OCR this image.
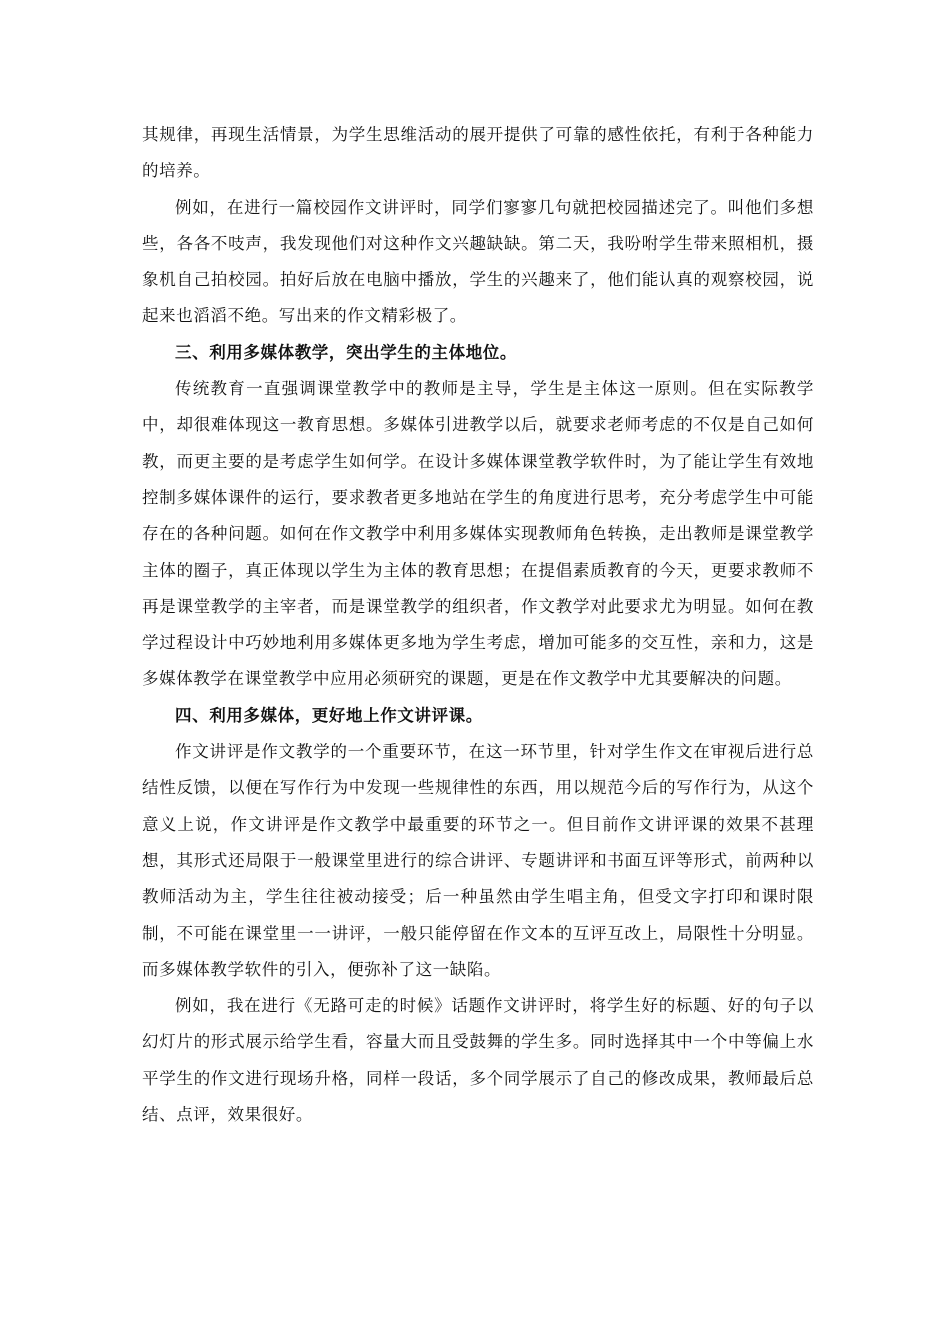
其规律，再现生活情景，为学生思维活动的展开提供了可靠的感性依托，有利于各种能力的培养。

例如，在进行一篇校园作文讲评时，同学们寥寥几句就把校园描述完了。叫他们多想些，各各不吱声，我发现他们对这种作文兴趣缺缺。第二天，我吩咐学生带来照相机，摄象机自己拍校园。拍好后放在电脑中播放，学生的兴趣来了，他们能认真的观察校园，说起来也滔滔不绝。写出来的作文精彩极了。

三、利用多媒体教学，突出学生的主体地位。

传统教育一直强调课堂教学中的教师是主导，学生是主体这一原则。但在实际教学中，却很难体现这一教育思想。多媒体引进教学以后，就要求老师考虑的不仅是自己如何教，而更主要的是考虑学生如何学。在设计多媒体课堂教学软件时，为了能让学生有效地控制多媒体课件的运行，要求教者更多地站在学生的角度进行思考，充分考虑学生中可能存在的各种问题。如何在作文教学中利用多媒体实现教师角色转换，走出教师是课堂教学主体的圈子，真正体现以学生为主体的教育思想；在提倡素质教育的今天，更要求教师不再是课堂教学的主宰者，而是课堂教学的组织者，作文教学对此要求尤为明显。如何在教学过程设计中巧妙地利用多媒体更多地为学生考虑，增加可能多的交互性，亲和力，这是多媒体教学在课堂教学中应用必须研究的课题，更是在作文教学中尤其要解决的问题。

四、利用多媒体，更好地上作文讲评课。

作文讲评是作文教学的一个重要环节，在这一环节里，针对学生作文在审视后进行总结性反馈，以便在写作行为中发现一些规律性的东西，用以规范今后的写作行为，从这个意义上说，作文讲评是作文教学中最重要的环节之一。但目前作文讲评课的效果不甚理想，其形式还局限于一般课堂里进行的综合讲评、专题讲评和书面互评等形式，前两种以教师活动为主，学生往往被动接受；后一种虽然由学生唱主角，但受文字打印和课时限制，不可能在课堂里一一讲评，一般只能停留在作文本的互评互改上，局限性十分明显。而多媒体教学软件的引入，便弥补了这一缺陷。

例如，我在进行《无路可走的时候》话题作文讲评时，将学生好的标题、好的句子以幻灯片的形式展示给学生看，容量大而且受鼓舞的学生多。同时选择其中一个中等偏上水平学生的作文进行现场升格，同样一段话，多个同学展示了自己的修改成果，教师最后总结、点评，效果很好。
